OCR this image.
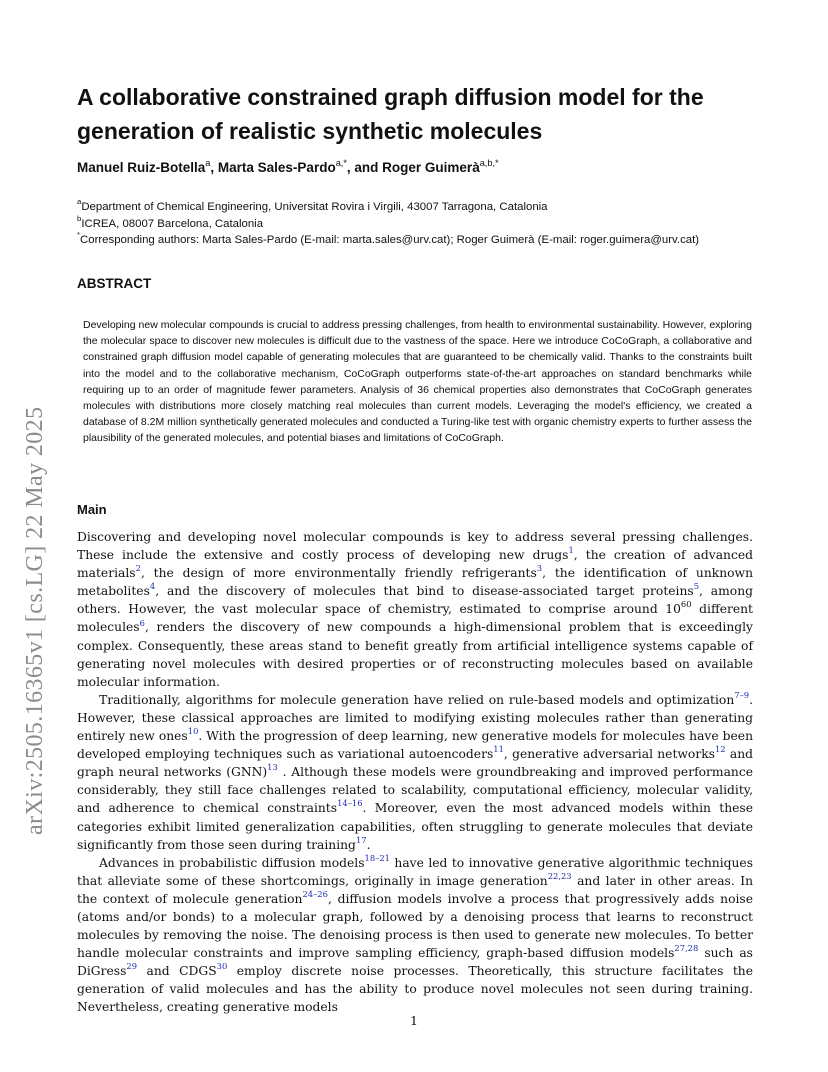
arXiv:2505.16365v1 [cs.LG] 22 May 2025
A collaborative constrained graph diffusion model for the generation of realistic synthetic molecules
Manuel Ruiz-Botella$^a$, Marta Sales-Pardo$^{a,*}$, and Roger Guimerà$^{a,b,*}$
$^a$Department of Chemical Engineering, Universitat Rovira i Virgili, 43007 Tarragona, Catalonia
$^b$ICREA, 08007 Barcelona, Catalonia
*Corresponding authors: Marta Sales-Pardo (E-mail: marta.sales@urv.cat); Roger Guimerà (E-mail: roger.guimera@urv.cat)
ABSTRACT

Developing new molecular compounds is crucial to address pressing challenges, from health to environmental sustainability. However, exploring the molecular space to discover new molecules is difficult due to the vastness of the space. Here we introduce CoCoGraph, a collaborative and constrained graph diffusion model capable of generating molecules that are guaranteed to be chemically valid. Thanks to the constraints built into the model and to the collaborative mechanism, CoCoGraph outperforms state-of-the-art approaches on standard benchmarks while requiring up to an order of magnitude fewer parameters. Analysis of 36 chemical properties also demonstrates that CoCoGraph generates molecules with distributions more closely matching real molecules than current models. Leveraging the model's efficiency, we created a database of 8.2M million synthetically generated molecules and conducted a Turing-like test with organic chemistry experts to further assess the plausibility of the generated molecules, and potential biases and limitations of CoCoGraph.

Main

Discovering and developing novel molecular compounds is key to address several pressing challenges. These include the extensive and costly process of developing new drugs$^1$, the creation of advanced materials$^2$, the design of more environmentally friendly refrigerants$^3$, the identification of unknown metabolites$^4$, and the discovery of molecules that bind to disease-associated target proteins$^5$, among others. However, the vast molecular space of chemistry, estimated to comprise around $10^{60}$ different molecules$^6$, renders the discovery of new compounds a high-dimensional problem that is exceedingly complex. Consequently, these areas stand to benefit greatly from artificial intelligence systems capable of generating novel molecules with desired properties or of reconstructing molecules based on available molecular information.

Traditionally, algorithms for molecule generation have relied on rule-based models and optimization$^{7-9}$. However, these classical approaches are limited to modifying existing molecules rather than generating entirely new ones$^{10}$. With the progression of deep learning, new generative models for molecules have been developed employing techniques such as variational autoencoders$^{11}$, generative adversarial networks$^{12}$ and graph neural networks (GNN)$^{13}$ . Although these models were groundbreaking and improved performance considerably, they still face challenges related to scalability, computational efficiency, molecular validity, and adherence to chemical constraints$^{14-16}$. Moreover, even the most advanced models within these categories exhibit limited generalization capabilities, often struggling to generate molecules that deviate significantly from those seen during training$^{17}$.

Advances in probabilistic diffusion models$^{18-21}$ have led to innovative generative algorithmic techniques that alleviate some of these shortcomings, originally in image generation$^{22,23}$ and later in other areas. In the context of molecule generation$^{24-26}$, diffusion models involve a process that progressively adds noise (atoms and/or bonds) to a molecular graph, followed by a denoising process that learns to reconstruct molecules by removing the noise. The denoising process is then used to generate new molecules. To better handle molecular constraints and improve sampling efficiency, graph-based diffusion models$^{27,28}$ such as DiGress$^{29}$ and CDGS$^{30}$ employ discrete noise processes. Theoretically, this structure facilitates the generation of valid molecules and has the ability to produce novel molecules not seen during training. Nevertheless, creating generative models

1
